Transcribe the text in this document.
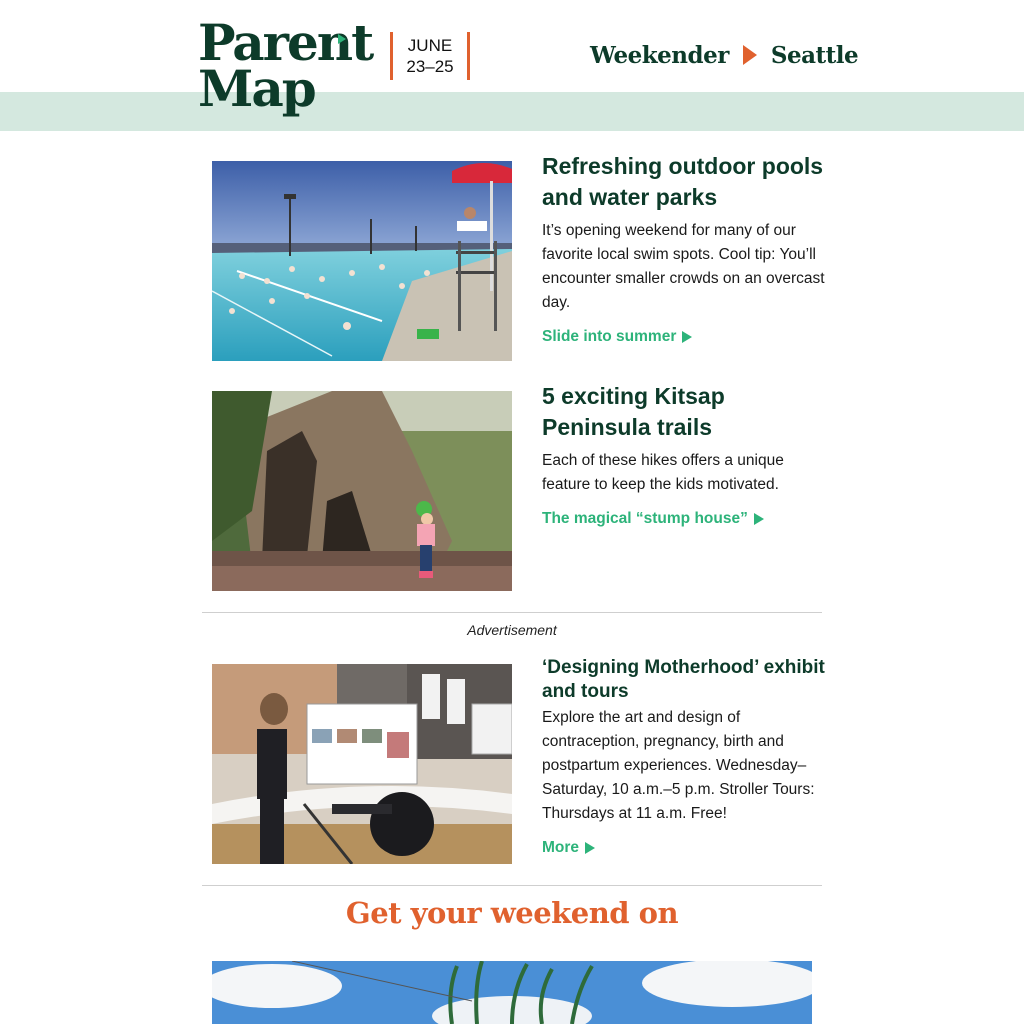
Parent
Map
JUNE
23–25	Weekender Seattle
Refreshing outdoor pools and water parks

It’s opening weekend for many of our favorite local swim spots. Cool tip: You’ll encounter smaller crowds on an overcast day.

Slide into summer
5 exciting Kitsap Peninsula trails

Each of these hikes offers a unique feature to keep the kids motivated.

The magical “stump house”
Advertisement
‘Designing Motherhood’ exhibit and tours

Explore the art and design of contraception, pregnancy, birth and postpartum experiences. Wednesday–Saturday, 10 a.m.–5 p.m. Stroller Tours: Thursdays at 11 a.m. Free!

More
Get your weekend on
